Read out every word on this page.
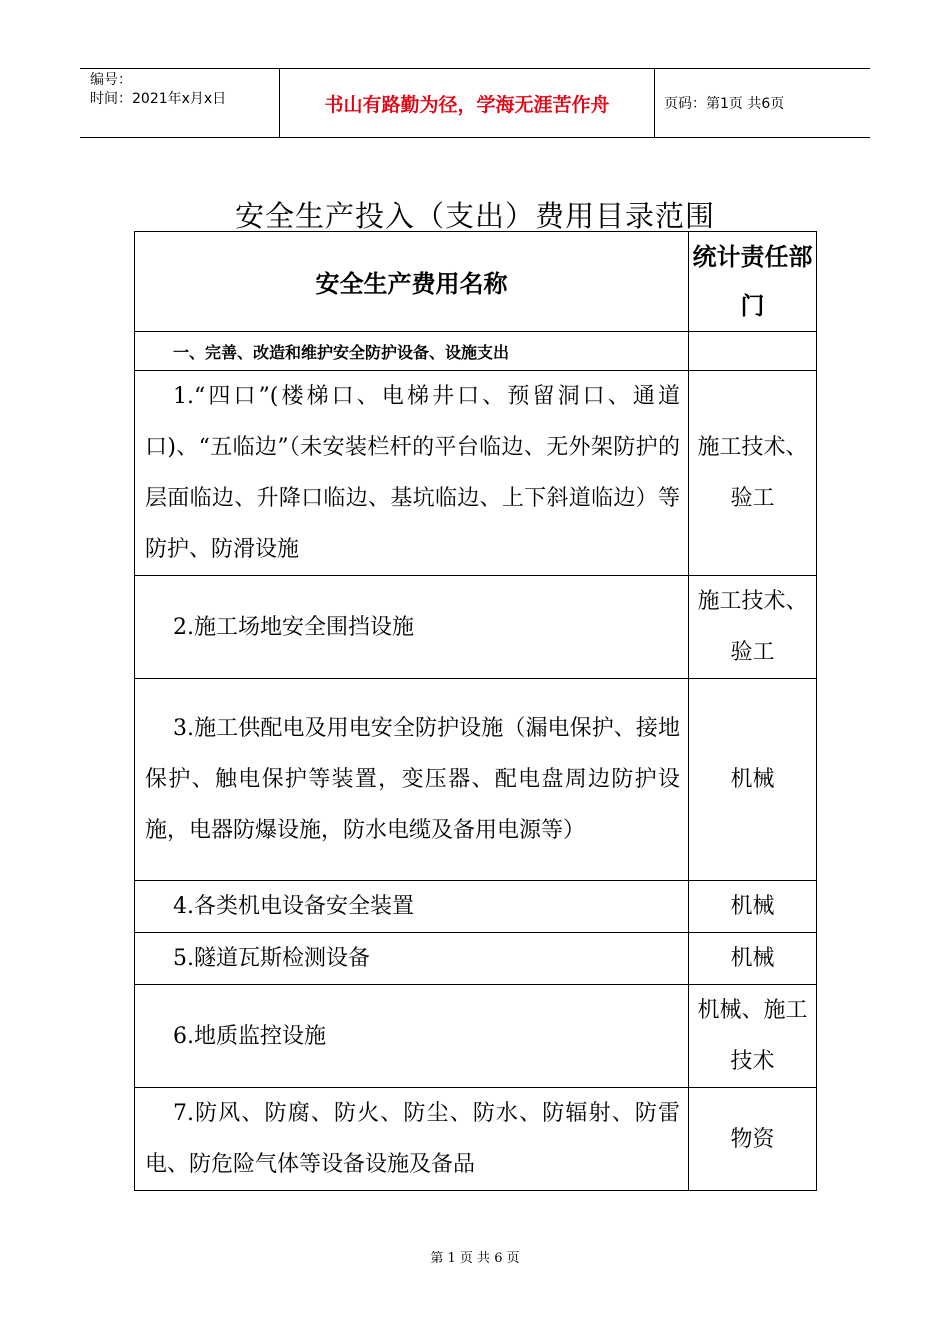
编号：
时间：2021年x月x日	书山有路勤为径，学海无涯苦作舟	页码：第1页 共6页
安全生产投入（支出）费用目录范围
安全生产费用名称	统计责任部门
一、完善、改造和维护安全防护设备、设施支出	

1.“四口”(楼梯口、电梯井口、预留洞口、通道口)、“五临边”（未安装栏杆的平台临边、无外架防护的层面临边、升降口临边、基坑临边、上下斜道临边）等防护、防滑设施	施工技术、验工

2.施工场地安全围挡设施	施工技术、验工

3.施工供配电及用电安全防护设施（漏电保护、接地保护、触电保护等装置，变压器、配电盘周边防护设施，电器防爆设施，防水电缆及备用电源等）	机械

4.各类机电设备安全装置	机械

5.隧道瓦斯检测设备	机械

6.地质监控设施	机械、施工技术

7.防风、防腐、防火、防尘、防水、防辐射、防雷电、防危险气体等设备设施及备品	物资
第 1 页 共 6 页
